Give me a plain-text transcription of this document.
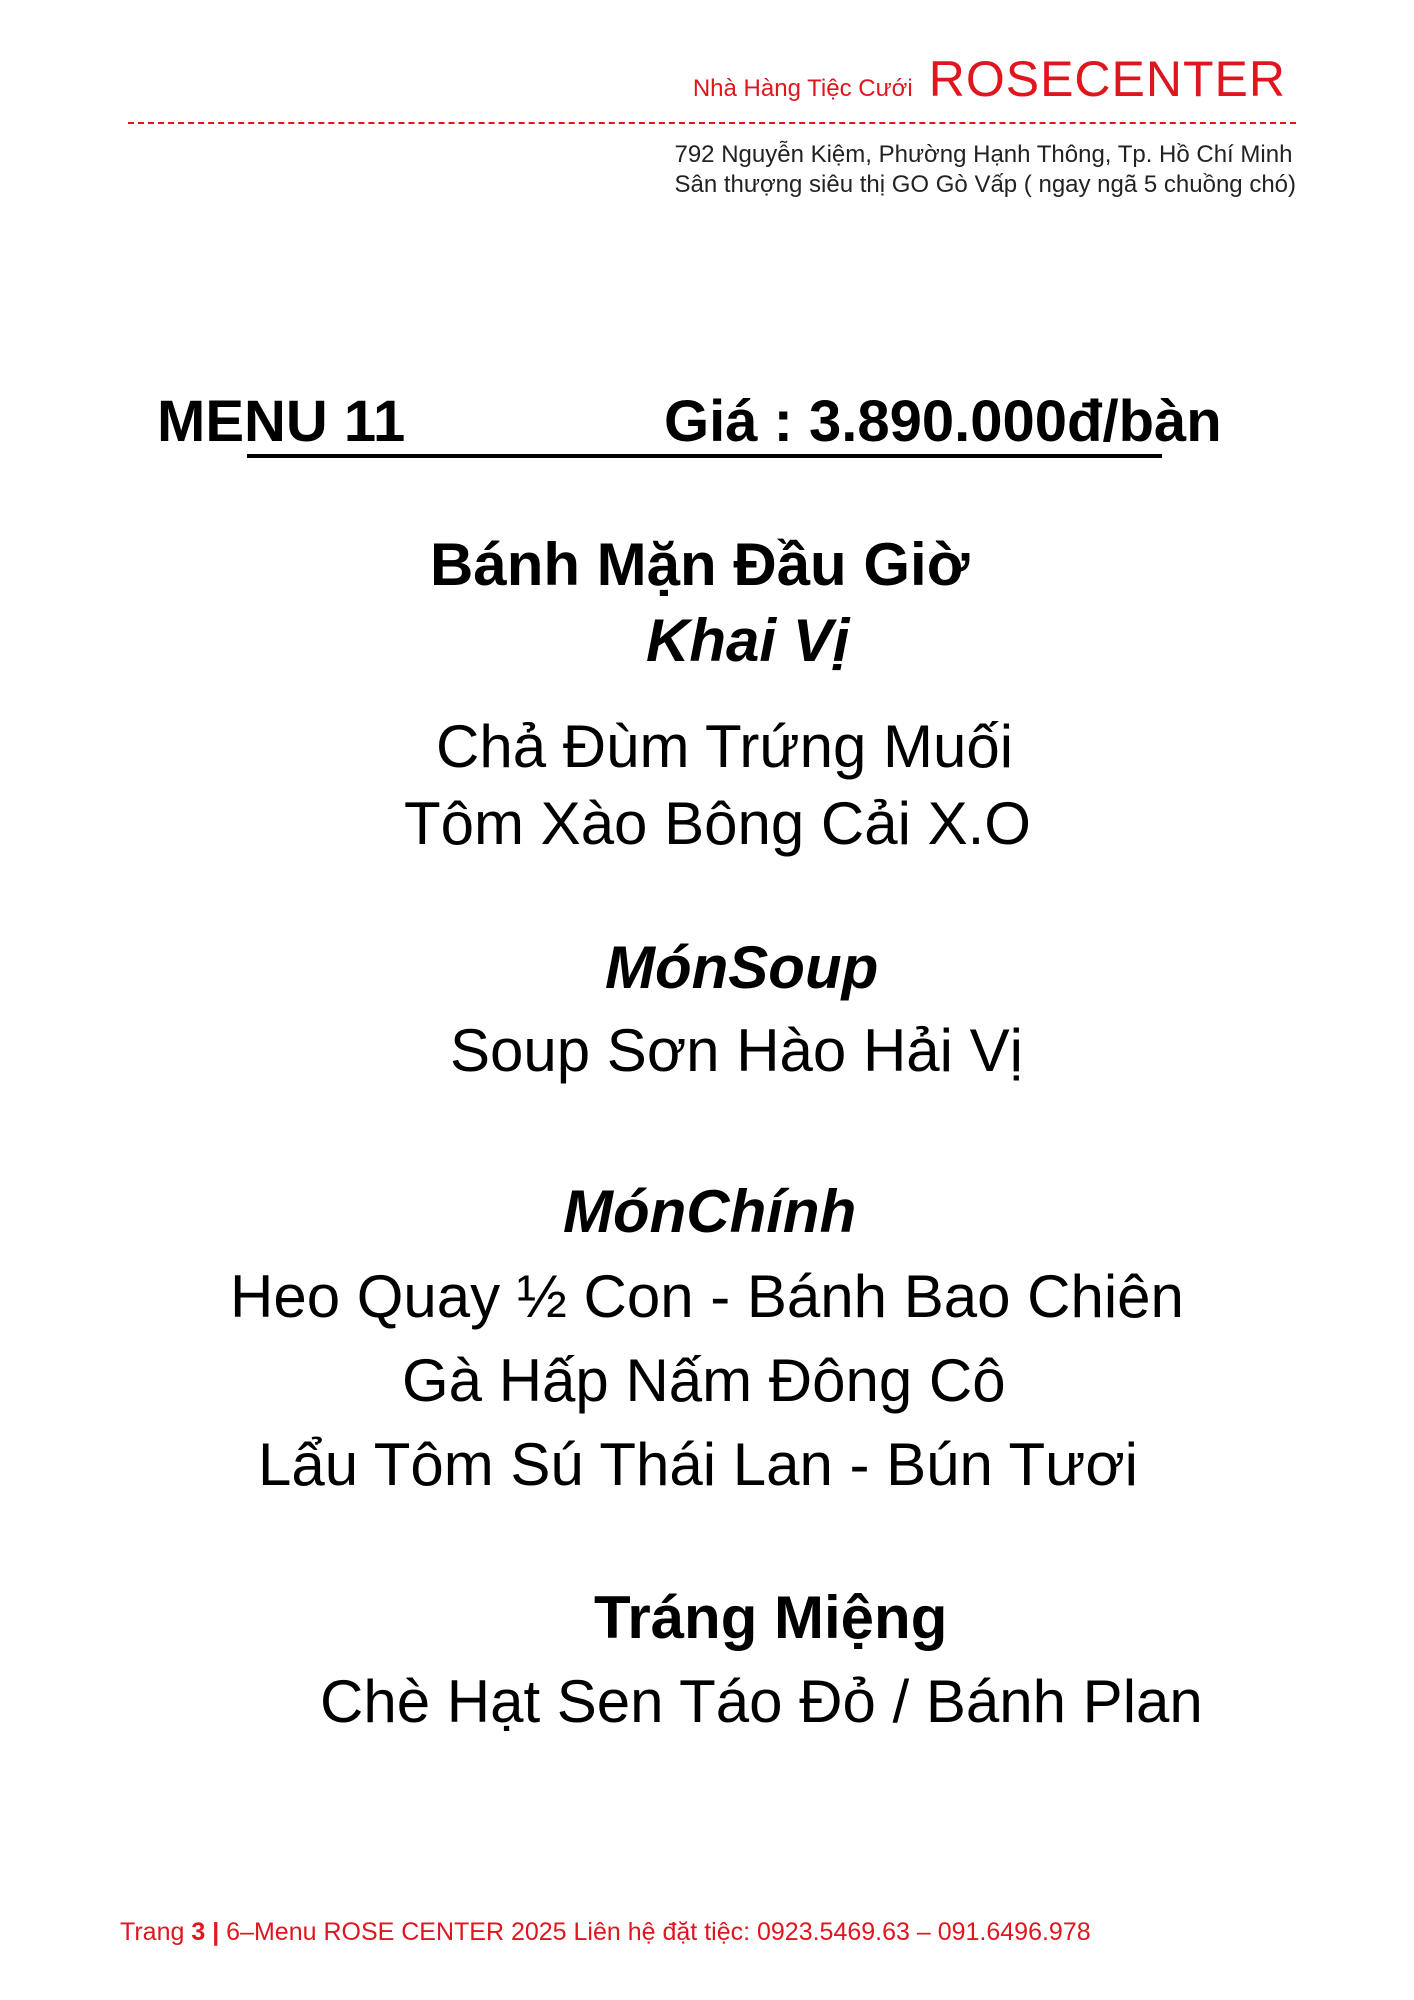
Nhà Hàng Tiệc Cưới ROSECENTER
792 Nguyễn Kiệm, Phường Hạnh Thông, Tp. Hồ Chí Minh
Sân thượng siêu thị GO Gò Vấp ( ngay ngã 5 chuồng chó)
MENU 11	Giá : 3.890.000đ/bàn
Bánh Mặn Đầu Giờ
Khai Vị
Chả Đùm Trứng Muối
Tôm Xào Bông Cải X.O
MónSoup
Soup Sơn Hào Hải Vị
MónChính
Heo Quay ½ Con - Bánh Bao Chiên
Gà Hấp Nấm Đông Cô
Lẩu Tôm Sú Thái Lan - Bún Tươi
Tráng Miệng
Chè Hạt Sen Táo Đỏ / Bánh Plan
Trang 3 | 6–Menu ROSE CENTER 2025 Liên hệ đặt tiệc: 0923.5469.63 – 091.6496.978
